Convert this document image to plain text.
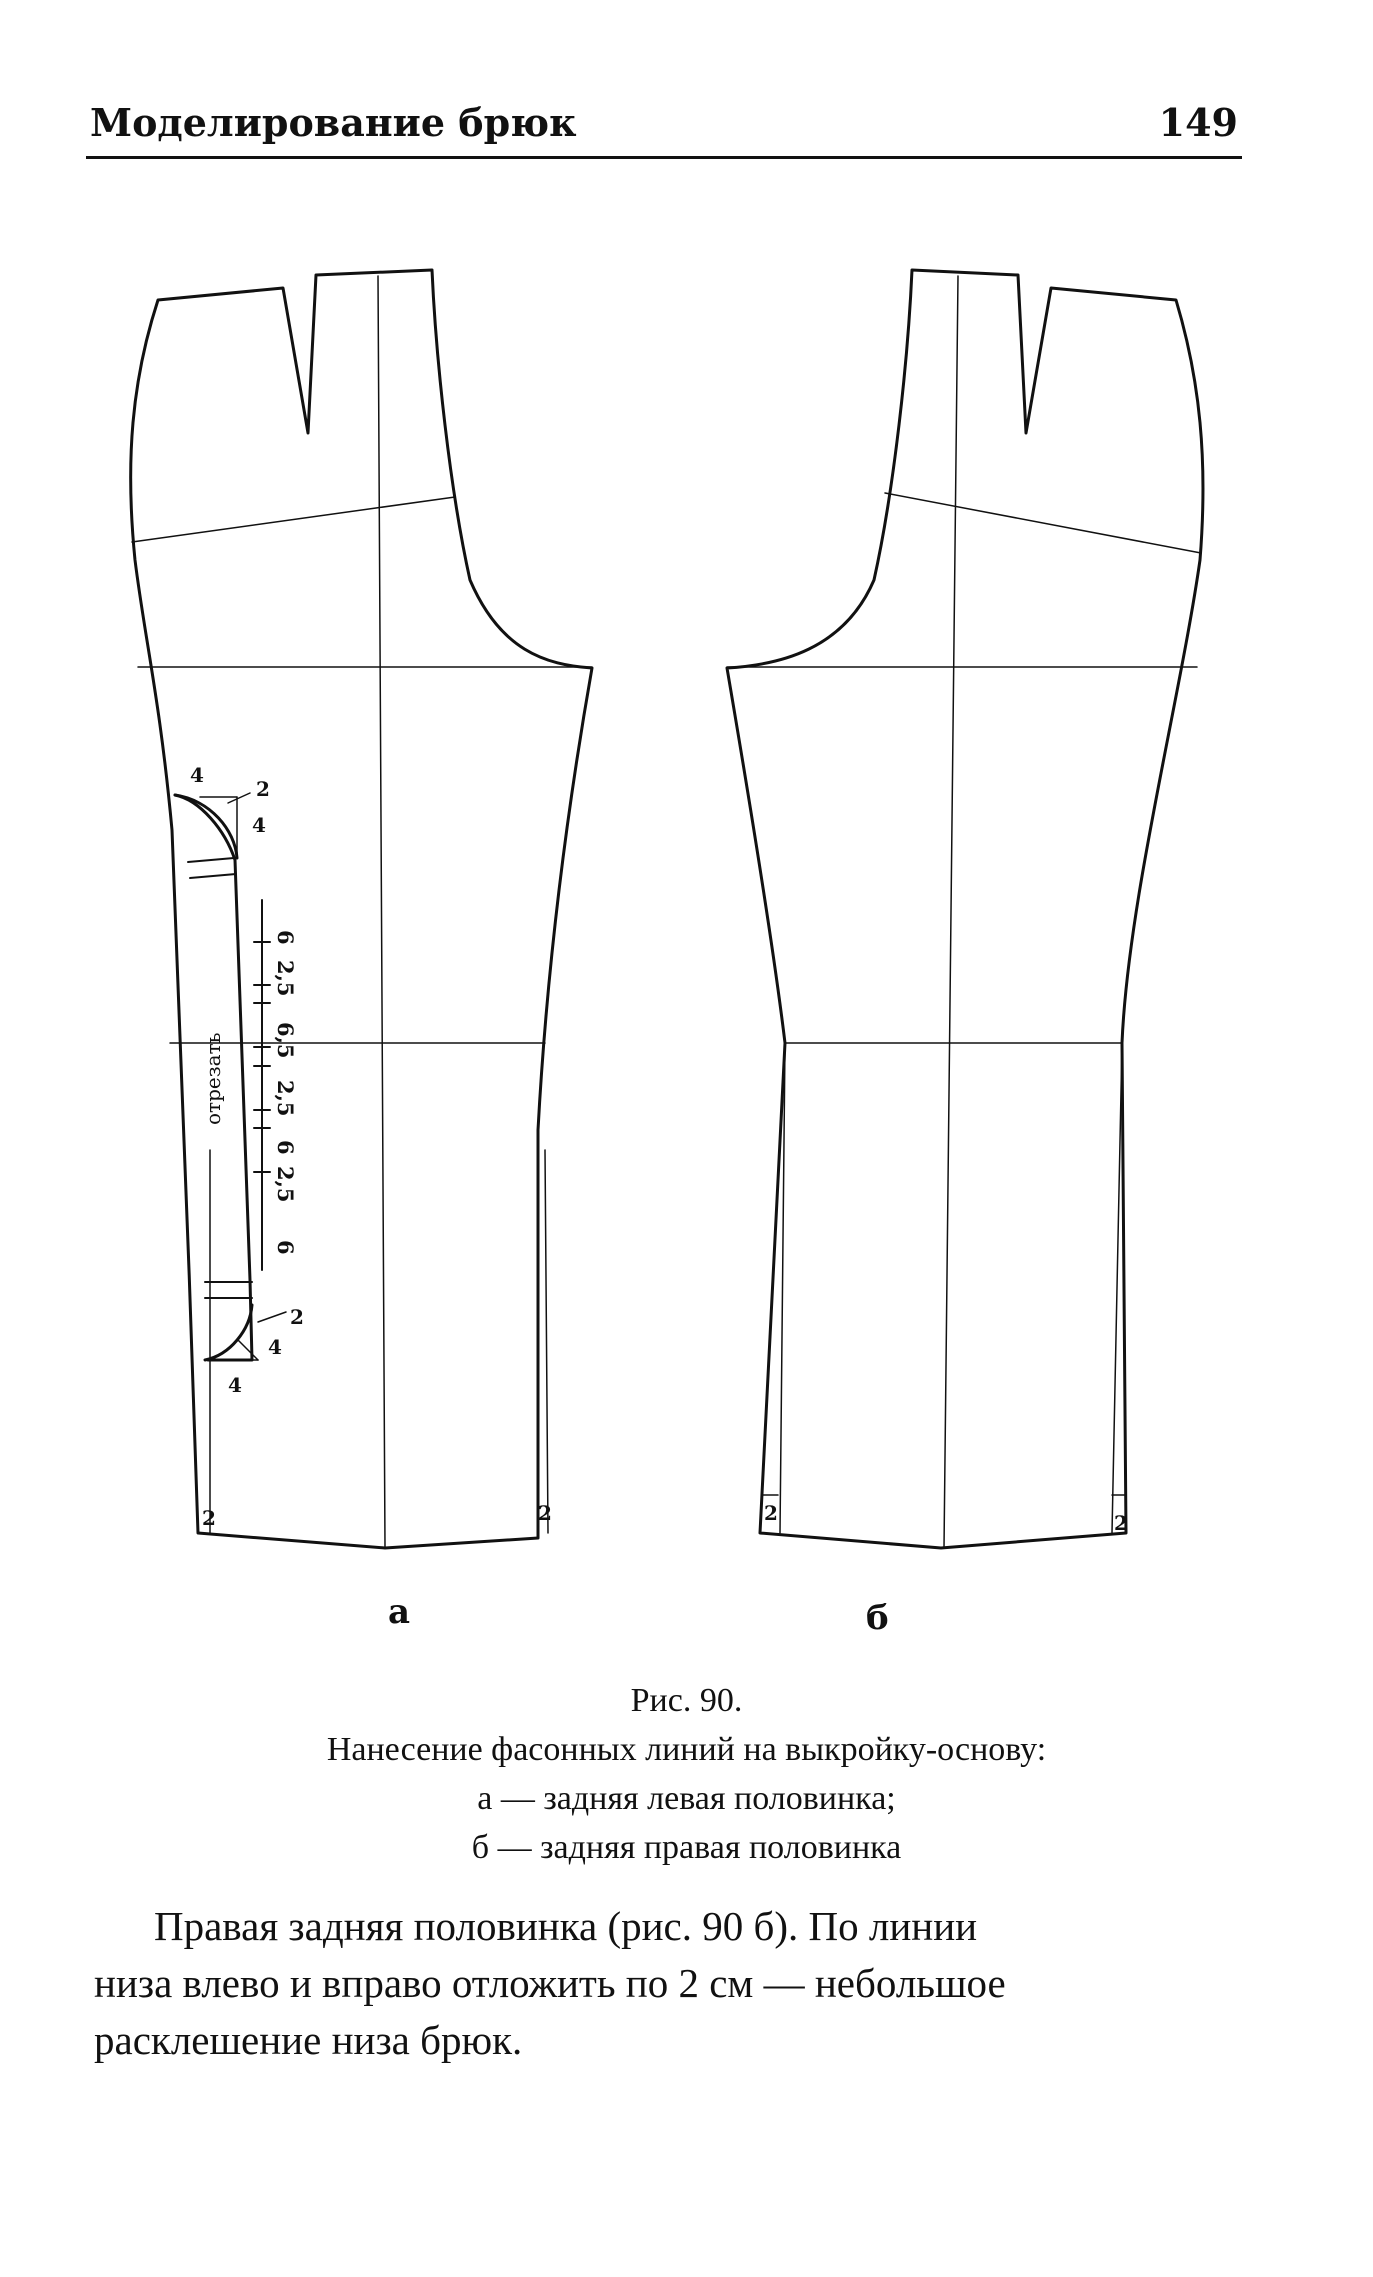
Моделирование брюк	149
4
2
4
2
4
4
2	2	2	2
6
2,5
6,5
2,5
6
2,5
6
отрезать
а	б
Рис. 90.
Нанесение фасонных линий на выкройку-основу:
а — задняя левая половинка;
б — задняя правая половинка
Правая задняя половинка (рис. 90 б). По линии
низа влево и вправо отложить по 2 см — небольшое
расклешение низа брюк.
